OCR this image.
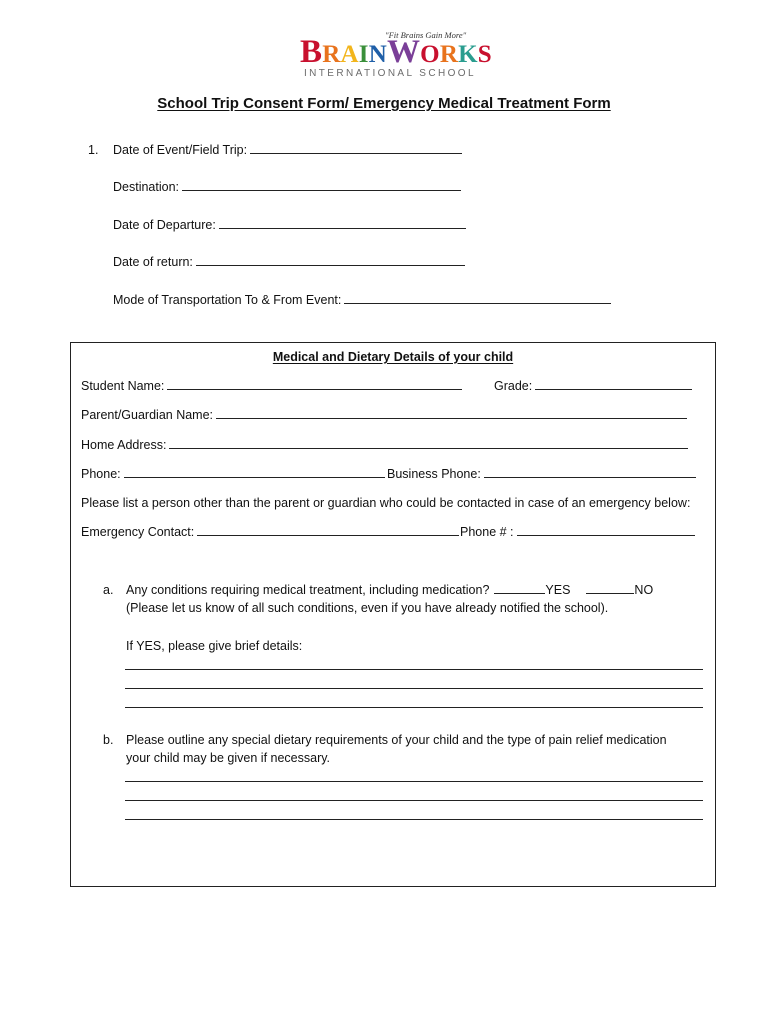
"Fit Brains Gain More"
BRAINWORKS
INTERNATIONAL SCHOOL
School Trip Consent Form/ Emergency Medical Treatment Form
1. Date of Event/Field Trip:
Destination:
Date of Departure:
Date of return:
Mode of Transportation To & From Event:
Medical and Dietary Details of your child
Student Name:	Grade:
Parent/Guardian Name:
Home Address:
Phone:	Business Phone:
Please list a person other than the parent or guardian who could be contacted in case of an emergency below:
Emergency Contact:	Phone # :
a. Any conditions requiring medical treatment, including medication?	YES	NO
(Please let us know of all such conditions, even if you have already notified the school).
If YES, please give brief details:
b. Please outline any special dietary requirements of your child and the type of pain relief medication
your child may be given if necessary.
